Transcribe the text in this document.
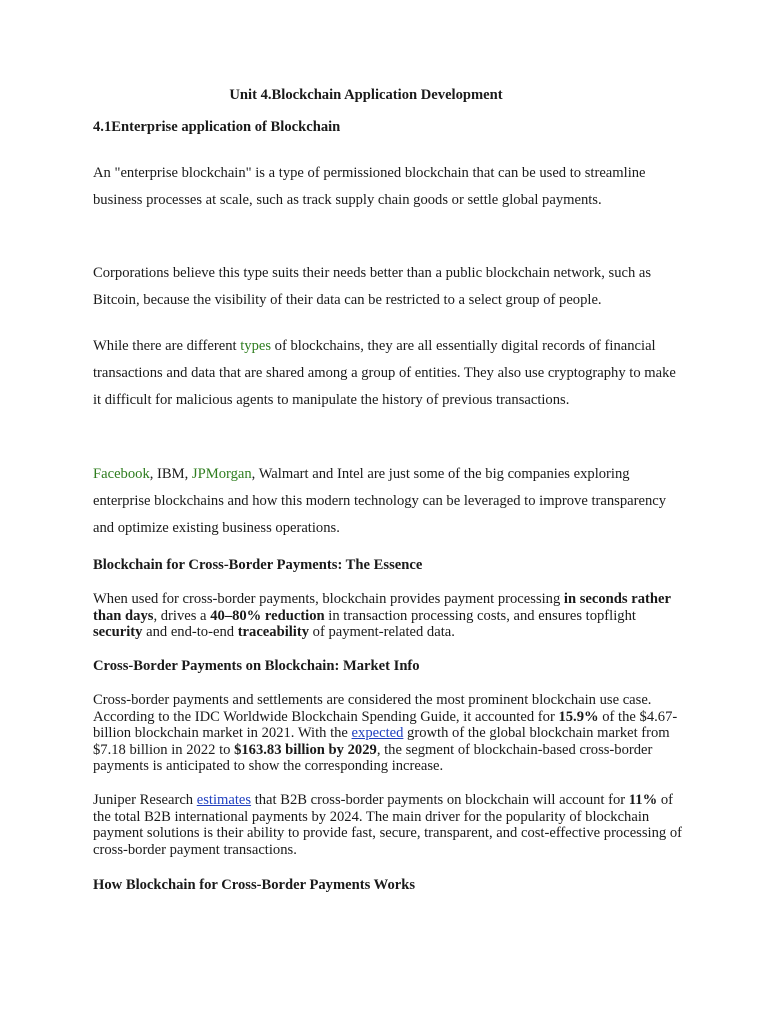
Unit 4.Blockchain Application Development

4.1Enterprise application of Blockchain

An "enterprise blockchain" is a type of permissioned blockchain that can be used to streamline business processes at scale, such as track supply chain goods or settle global payments.

Corporations believe this type suits their needs better than a public blockchain network, such as Bitcoin, because the visibility of their data can be restricted to a select group of people.

While there are different types of blockchains, they are all essentially digital records of financial transactions and data that are shared among a group of entities. They also use cryptography to make it difficult for malicious agents to manipulate the history of previous transactions.

Facebook, IBM, JPMorgan, Walmart and Intel are just some of the big companies exploring enterprise blockchains and how this modern technology can be leveraged to improve transparency and optimize existing business operations.

Blockchain for Cross-Border Payments: The Essence

When used for cross-border payments, blockchain provides payment processing in seconds rather than days, drives a 40–80% reduction in transaction processing costs, and ensures topflight security and end-to-end traceability of payment-related data.

Cross-Border Payments on Blockchain: Market Info

Cross-border payments and settlements are considered the most prominent blockchain use case. According to the IDC Worldwide Blockchain Spending Guide, it accounted for 15.9% of the $4.67-billion blockchain market in 2021. With the expected growth of the global blockchain market from $7.18 billion in 2022 to $163.83 billion by 2029, the segment of blockchain-based cross-border payments is anticipated to show the corresponding increase.

Juniper Research estimates that B2B cross-border payments on blockchain will account for 11% of the total B2B international payments by 2024. The main driver for the popularity of blockchain payment solutions is their ability to provide fast, secure, transparent, and cost-effective processing of cross-border payment transactions.

How Blockchain for Cross-Border Payments Works
